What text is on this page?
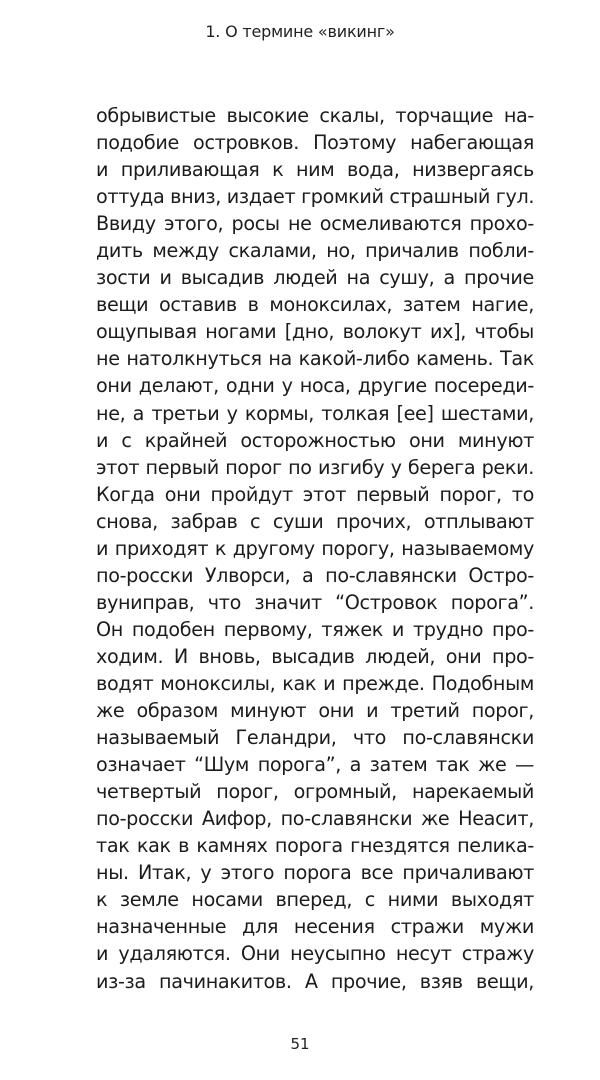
1. О термине «викинг»
обрывистые высокие скалы, торчащие на-
подобие островков. Поэтому набегающая
и приливающая к ним вода, низвергаясь
оттуда вниз, издает громкий страшный гул.
Ввиду этого, росы не осмеливаются прохо-
дить между скалами, но, причалив побли-
зости и высадив людей на сушу, а прочие
вещи оставив в моноксилах, затем нагие,
ощупывая ногами [дно, волокут их], чтобы
не натолкнуться на какой-либо камень. Так
они делают, одни у носа, другие посереди-
не, а третьи у кормы, толкая [ее] шестами,
и с крайней осторожностью они минуют
этот первый порог по изгибу у берега реки.
Когда они пройдут этот первый порог, то
снова, забрав с суши прочих, отплывают
и приходят к другому порогу, называемому
по-росски Улворси, а по-славянски Остро-
вуниправ, что значит “Островок порога”.
Он подобен первому, тяжек и трудно про-
ходим. И вновь, высадив людей, они про-
водят моноксилы, как и прежде. Подобным
же образом минуют они и третий порог,
называемый Геландри, что по-славянски
означает “Шум порога”, а затем так же —
четвертый порог, огромный, нарекаемый
по-росски Аифор, по-славянски же Неасит,
так как в камнях порога гнездятся пелика-
ны. Итак, у этого порога все причаливают
к земле носами вперед, с ними выходят
назначенные для несения стражи мужи
и удаляются. Они неусыпно несут стражу
из-за пачинакитов. А прочие, взяв вещи,
51
